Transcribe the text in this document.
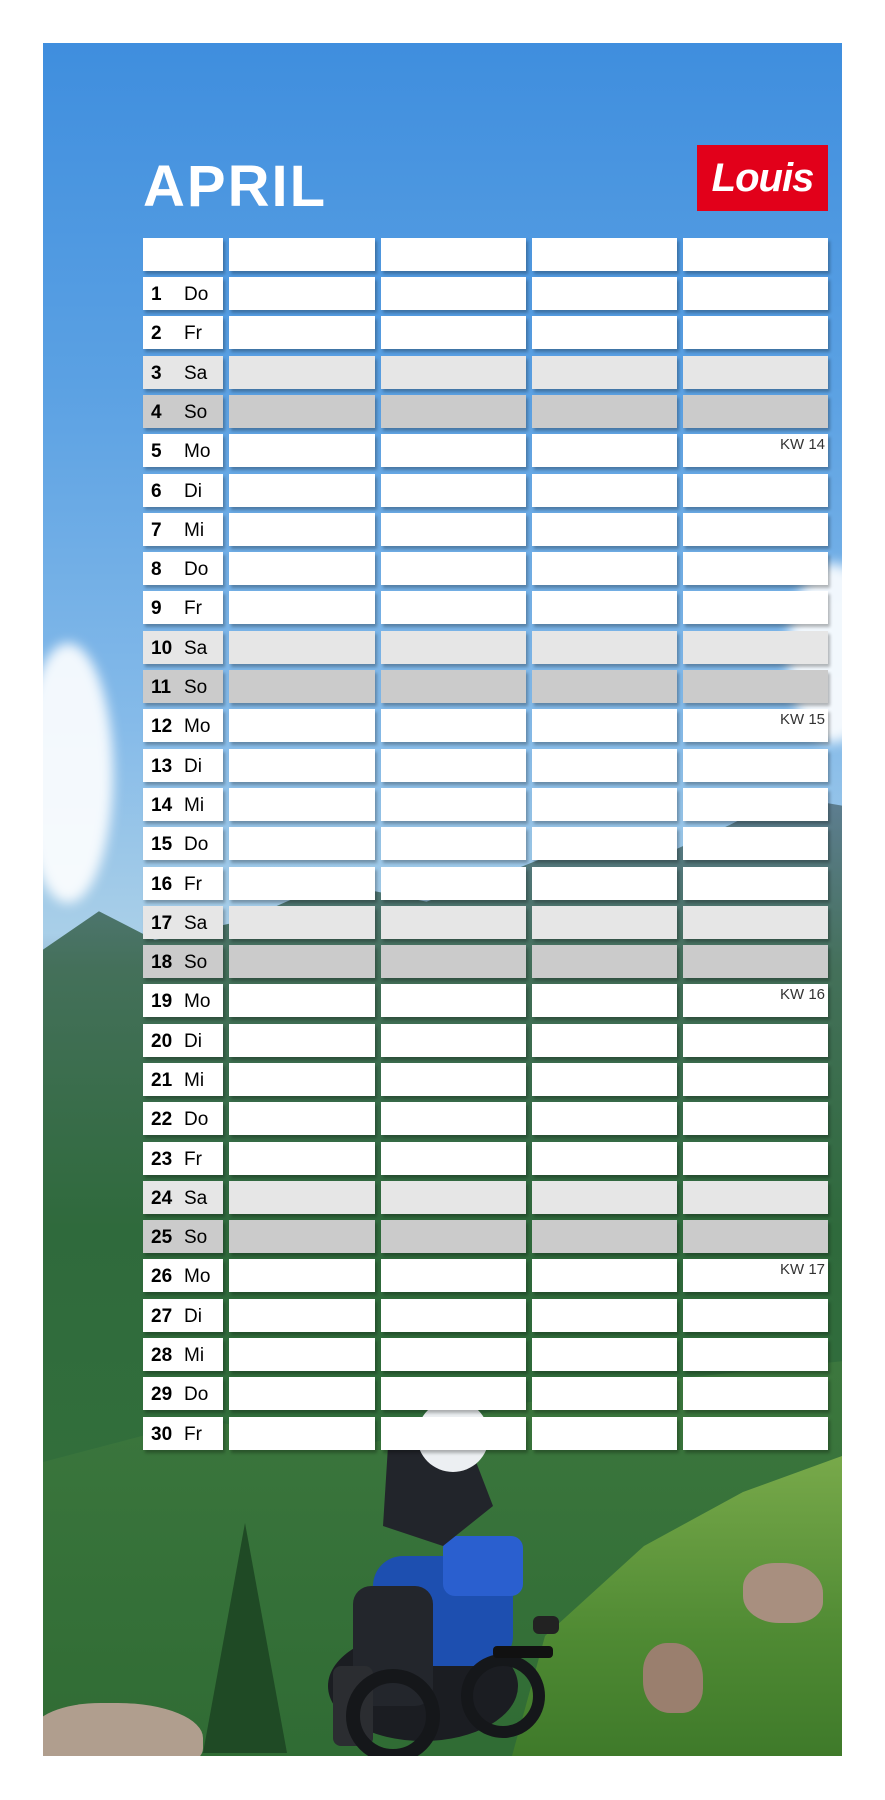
APRIL	Louis
1 Do
2 Fr
3 Sa
4 So
5 Mo	KW 14
6 Di
7 Mi
8 Do
9 Fr
10 Sa
11 So
12 Mo	KW 15
13 Di
14 Mi
15 Do
16 Fr
17 Sa
18 So
19 Mo	KW 16
20 Di
21 Mi
22 Do
23 Fr
24 Sa
25 So
26 Mo	KW 17
27 Di
28 Mi
29 Do
30 Fr
